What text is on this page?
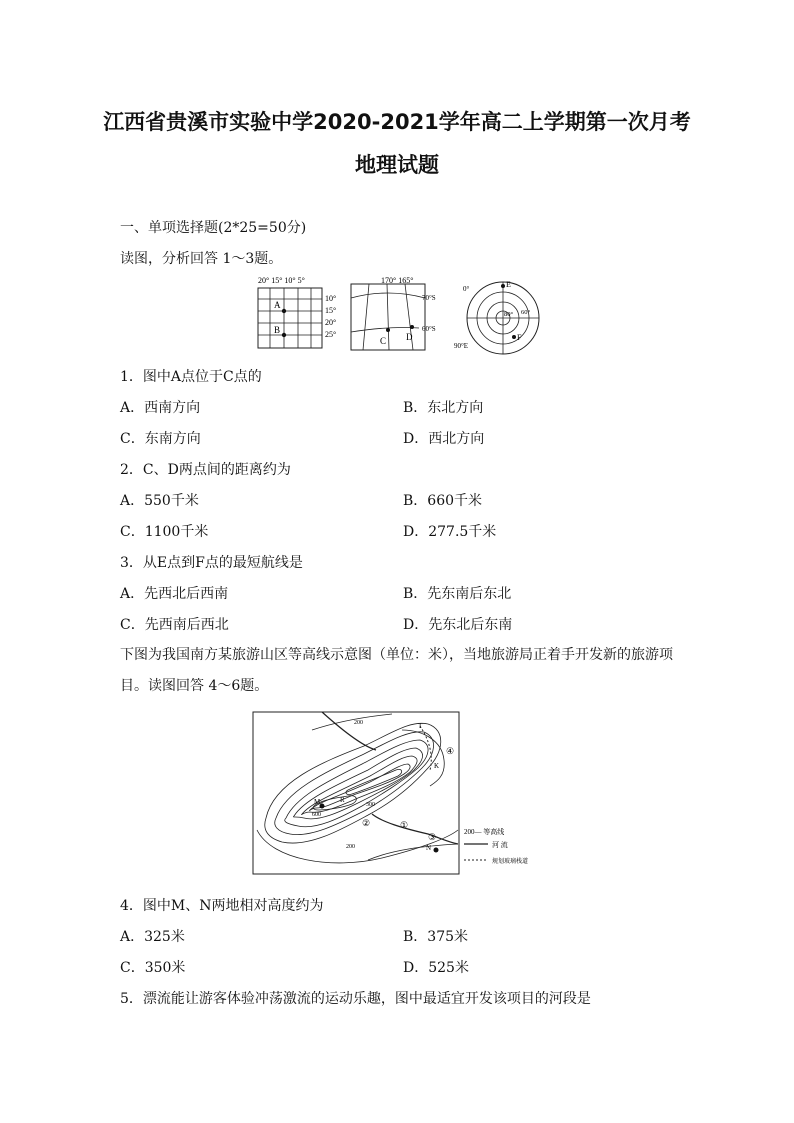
江西省贵溪市实验中学2020-2021学年高二上学期第一次月考
地理试题
一、单项选择题(2*25=50分)
读图，分析回答 1～3题。
20° 15° 10° 5°
10°
15°
20°
25°
A
B
170° 165°
70°S
60°S
C D
0°
80° 60°
90°E
E
F
1．图中A点位于C点的
A．西南方向	B．东北方向
C．东南方向	D．西北方向
2．C、D两点间的距离约为
A．550千米	B．660千米
C．1100千米	D．277.5千米
3．从E点到F点的最短航线是
A．先西北后西南	B．先东南后东北
C．先西南后西北	D．先东北后东南
下图为我国南方某旅游山区等高线示意图（单位：米），当地旅游局正着手开发新的旅游项目。读图回答 4～6题。
200
200
600
300
T
K
M	R
N
①
②
③
④
200— 等高线
河 流
规划玻璃栈道
4．图中M、N两地相对高度约为
A．325米	B．375米
C．350米	D．525米
5．漂流能让游客体验冲荡激流的运动乐趣，图中最适宜开发该项目的河段是
